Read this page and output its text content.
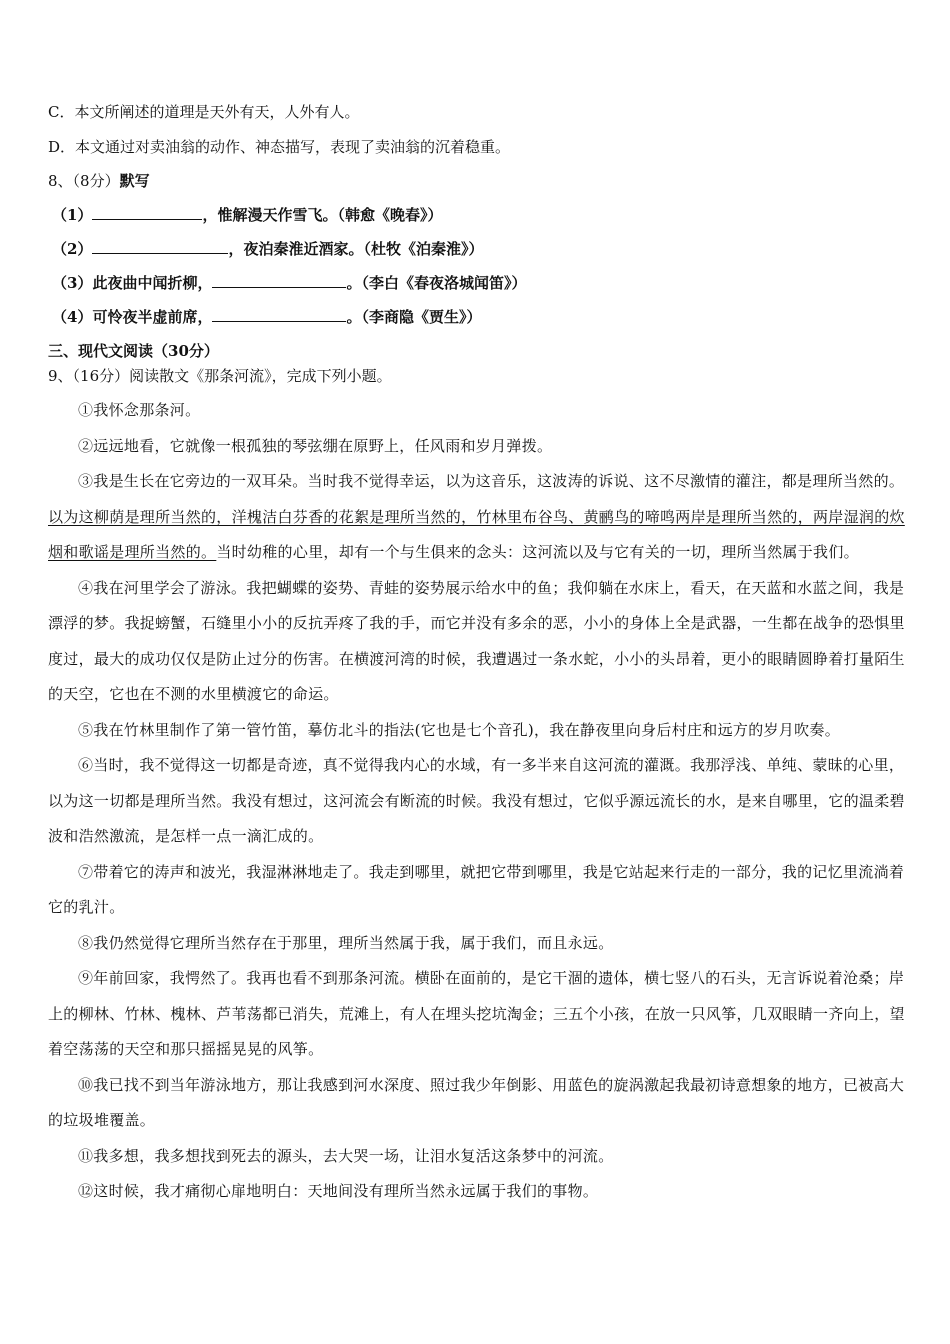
C．本文所阐述的道理是天外有天，人外有人。
D．本文通过对卖油翁的动作、神态描写，表现了卖油翁的沉着稳重。
8、（8分）默写
（1）	，惟解漫天作雪飞。（韩愈《晚春》）
（2）	，夜泊秦淮近酒家。（杜牧《泊秦淮》）
（3）此夜曲中闻折柳，	。（李白《春夜洛城闻笛》）
（4）可怜夜半虚前席，	。（李商隐《贾生》）
三、现代文阅读（30分）
9、（16分）阅读散文《那条河流》，完成下列小题。

①我怀念那条河。

②远远地看，它就像一根孤独的琴弦绷在原野上，任风雨和岁月弹拨。

③我是生长在它旁边的一双耳朵。当时我不觉得幸运，以为这音乐，这波涛的诉说、这不尽激情的灌注，都是理所当然的。以为这柳荫是理所当然的，洋槐洁白芬香的花絮是理所当然的，竹林里布谷鸟、黄鹂鸟的啼鸣两岸是理所当然的，两岸湿润的炊烟和歌谣是理所当然的。当时幼稚的心里，却有一个与生俱来的念头：这河流以及与它有关的一切，理所当然属于我们。

④我在河里学会了游泳。我把蝴蝶的姿势、青蛙的姿势展示给水中的鱼；我仰躺在水床上，看天，在天蓝和水蓝之间，我是漂浮的梦。我捉螃蟹，石缝里小小的反抗弄疼了我的手，而它并没有多余的恶，小小的身体上全是武器，一生都在战争的恐惧里度过，最大的成功仅仅是防止过分的伤害。在横渡河湾的时候，我遭遇过一条水蛇，小小的头昂着，更小的眼睛圆睁着打量陌生的天空，它也在不测的水里横渡它的命运。

⑤我在竹林里制作了第一管竹笛，摹仿北斗的指法(它也是七个音孔)，我在静夜里向身后村庄和远方的岁月吹奏。

⑥当时，我不觉得这一切都是奇迹，真不觉得我内心的水域，有一多半来自这河流的灌溉。我那浮浅、单纯、蒙昧的心里，以为这一切都是理所当然。我没有想过，这河流会有断流的时候。我没有想过，它似乎源远流长的水，是来自哪里，它的温柔碧波和浩然激流，是怎样一点一滴汇成的。

⑦带着它的涛声和波光，我湿淋淋地走了。我走到哪里，就把它带到哪里，我是它站起来行走的一部分，我的记忆里流淌着它的乳汁。

⑧我仍然觉得它理所当然存在于那里，理所当然属于我，属于我们，而且永远。

⑨年前回家，我愕然了。我再也看不到那条河流。横卧在面前的，是它干涸的遗体，横七竖八的石头，无言诉说着沧桑；岸上的柳林、竹林、槐林、芦苇荡都已消失，荒滩上，有人在埋头挖坑淘金；三五个小孩，在放一只风筝，几双眼睛一齐向上，望着空荡荡的天空和那只摇摇晃晃的风筝。

⑩我已找不到当年游泳地方，那让我感到河水深度、照过我少年倒影、用蓝色的旋涡激起我最初诗意想象的地方，已被高大的垃圾堆覆盖。

⑪我多想，我多想找到死去的源头，去大哭一场，让泪水复活这条梦中的河流。

⑫这时候，我才痛彻心扉地明白：天地间没有理所当然永远属于我们的事物。
